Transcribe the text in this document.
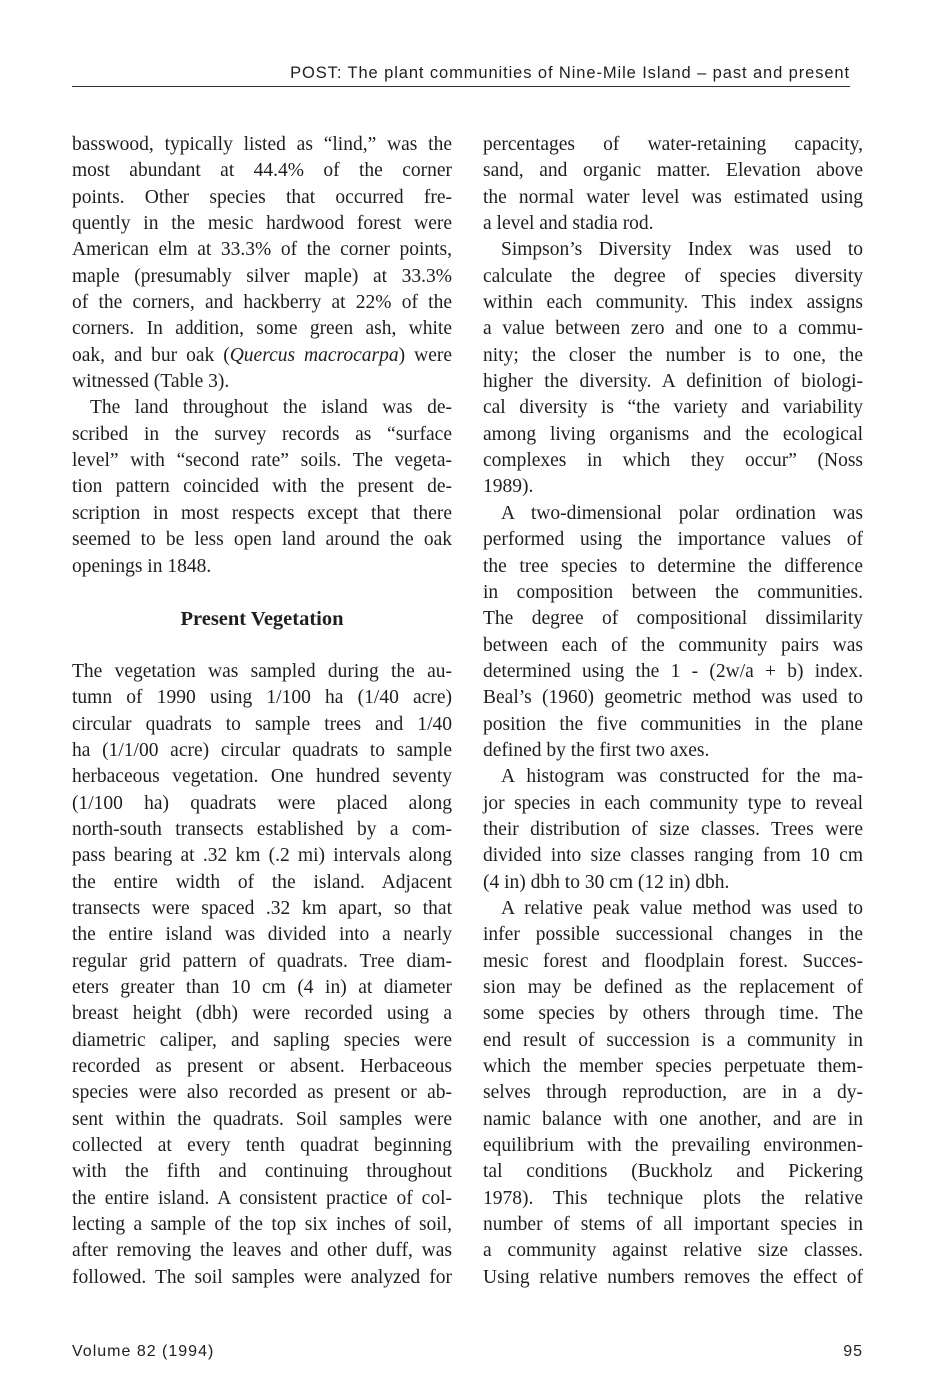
POST: The plant communities of Nine-Mile Island – past and present
basswood, typically listed as “lind,” was the
most abundant at 44.4% of the corner
points. Other species that occurred fre-
quently in the mesic hardwood forest were
American elm at 33.3% of the corner points,
maple (presumably silver maple) at 33.3%
of the corners, and hackberry at 22% of the
corners. In addition, some green ash, white
oak, and bur oak (Quercus macrocarpa) were
witnessed (Table 3).
The land throughout the island was de-
scribed in the survey records as “surface
level” with “second rate” soils. The vegeta-
tion pattern coincided with the present de-
scription in most respects except that there
seemed to be less open land around the oak
openings in 1848.
Present Vegetation
The vegetation was sampled during the au-
tumn of 1990 using 1/100 ha (1/40 acre)
circular quadrats to sample trees and 1/40
ha (1/1/00 acre) circular quadrats to sample
herbaceous vegetation. One hundred seventy
(1/100 ha) quadrats were placed along
north-south transects established by a com-
pass bearing at .32 km (.2 mi) intervals along
the entire width of the island. Adjacent
transects were spaced .32 km apart, so that
the entire island was divided into a nearly
regular grid pattern of quadrats. Tree diam-
eters greater than 10 cm (4 in) at diameter
breast height (dbh) were recorded using a
diametric caliper, and sapling species were
recorded as present or absent. Herbaceous
species were also recorded as present or ab-
sent within the quadrats. Soil samples were
collected at every tenth quadrat beginning
with the fifth and continuing throughout
the entire island. A consistent practice of col-
lecting a sample of the top six inches of soil,
after removing the leaves and other duff, was
followed. The soil samples were analyzed for
percentages of water-retaining capacity,
sand, and organic matter. Elevation above
the normal water level was estimated using
a level and stadia rod.
Simpson’s Diversity Index was used to
calculate the degree of species diversity
within each community. This index assigns
a value between zero and one to a commu-
nity; the closer the number is to one, the
higher the diversity. A definition of biologi-
cal diversity is “the variety and variability
among living organisms and the ecological
complexes in which they occur” (Noss
1989).
A two-dimensional polar ordination was
performed using the importance values of
the tree species to determine the difference
in composition between the communities.
The degree of compositional dissimilarity
between each of the community pairs was
determined using the 1 - (2w/a + b) index.
Beal’s (1960) geometric method was used to
position the five communities in the plane
defined by the first two axes.
A histogram was constructed for the ma-
jor species in each community type to reveal
their distribution of size classes. Trees were
divided into size classes ranging from 10 cm
(4 in) dbh to 30 cm (12 in) dbh.
A relative peak value method was used to
infer possible successional changes in the
mesic forest and floodplain forest. Succes-
sion may be defined as the replacement of
some species by others through time. The
end result of succession is a community in
which the member species perpetuate them-
selves through reproduction, are in a dy-
namic balance with one another, and are in
equilibrium with the prevailing environmen-
tal conditions (Buckholz and Pickering
1978). This technique plots the relative
number of stems of all important species in
a community against relative size classes.
Using relative numbers removes the effect of
Volume 82 (1994)	95
